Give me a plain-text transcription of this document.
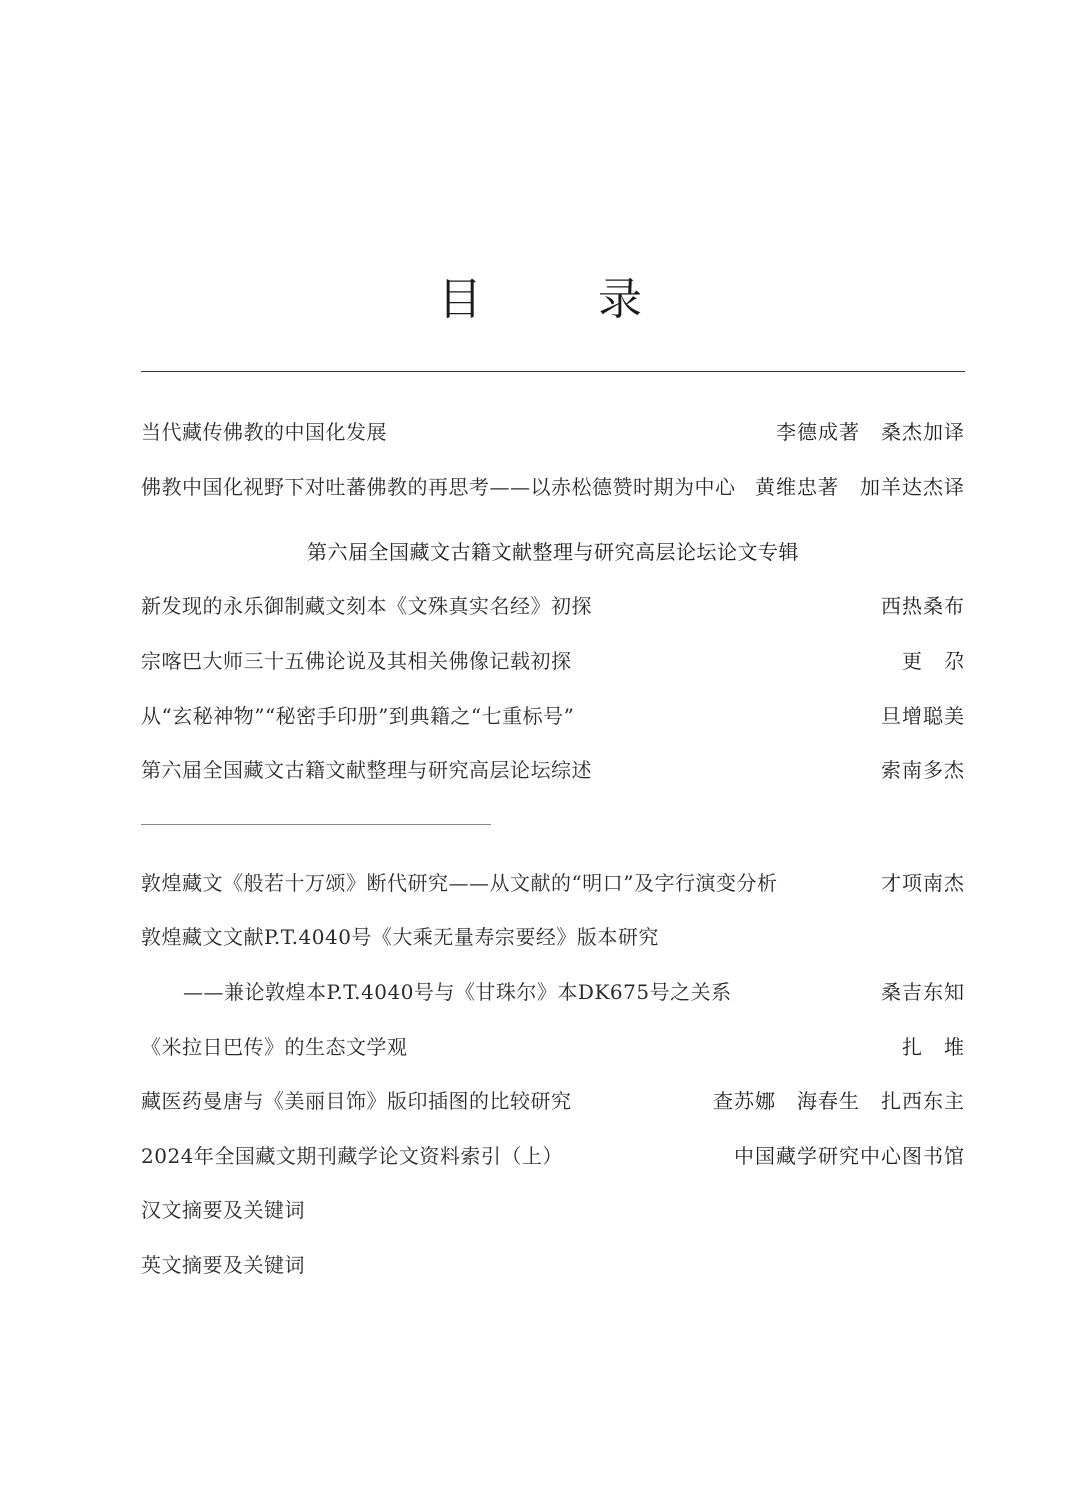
目	录
当代藏传佛教的中国化发展	李德成著　桑杰加译
佛教中国化视野下对吐蕃佛教的再思考——以赤松德赞时期为中心 黄维忠著　加羊达杰译
第六届全国藏文古籍文献整理与研究高层论坛论文专辑
新发现的永乐御制藏文刻本《文殊真实名经》初探	西热桑布
宗喀巴大师三十五佛论说及其相关佛像记载初探	更　尕
从“玄秘神物”“秘密手印册”到典籍之“七重标号”	旦增聪美
第六届全国藏文古籍文献整理与研究高层论坛综述	索南多杰
敦煌藏文《般若十万颂》断代研究——从文献的“明口”及字行演变分析	才项南杰
敦煌藏文文献P.T.4040号《大乘无量寿宗要经》版本研究
——兼论敦煌本P.T.4040号与《甘珠尔》本DK675号之关系	桑吉东知
《米拉日巴传》的生态文学观	扎　堆
藏医药曼唐与《美丽目饰》版印插图的比较研究	查苏娜　海春生　扎西东主
2024年全国藏文期刊藏学论文资料索引（上）	中国藏学研究中心图书馆
汉文摘要及关键词
英文摘要及关键词
